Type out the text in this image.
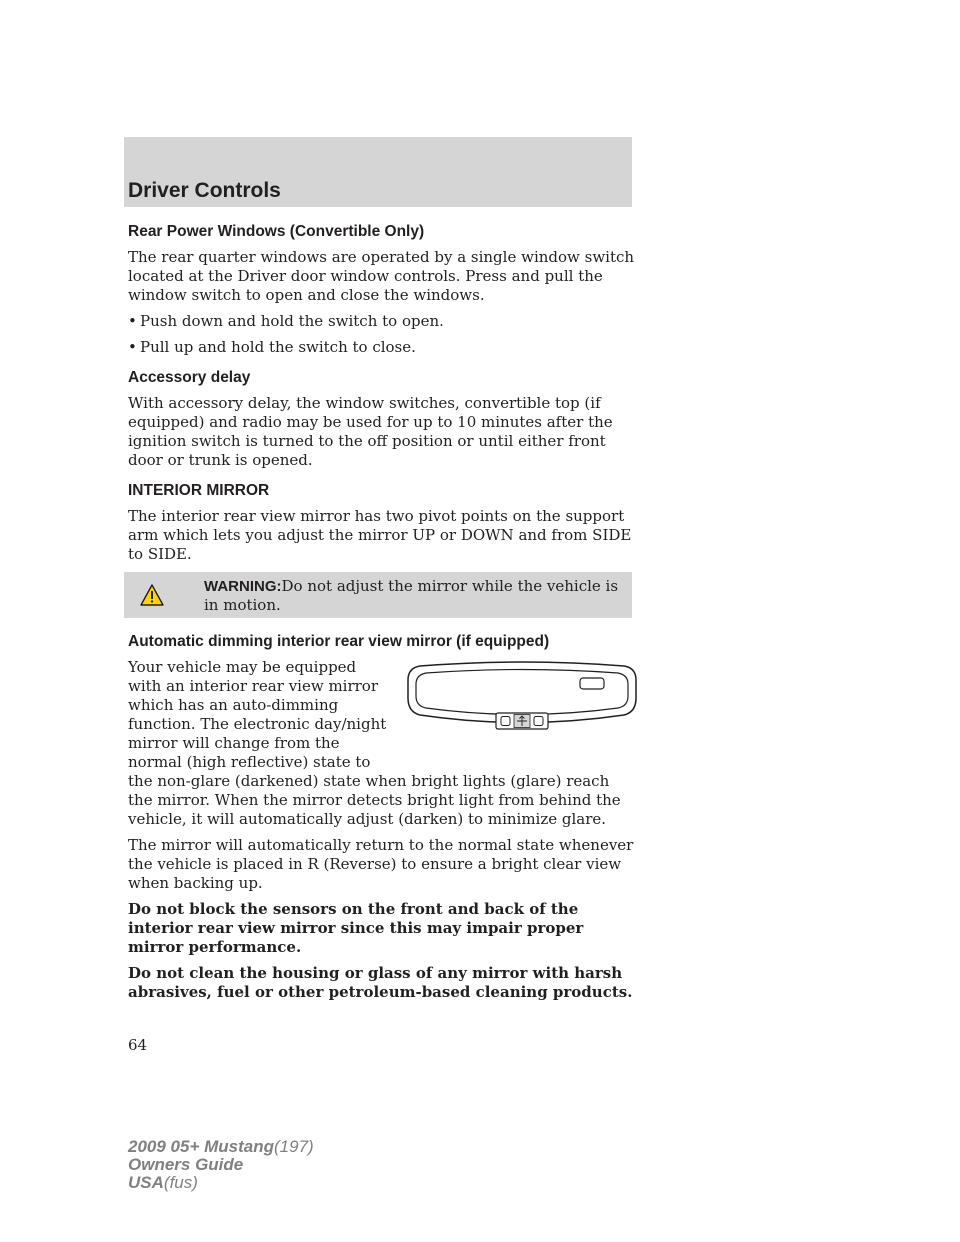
Driver Controls
Rear Power Windows (Convertible Only)

The rear quarter windows are operated by a single window switch located at the Driver door window controls. Press and pull the window switch to open and close the windows.

• Push down and hold the switch to open.
• Pull up and hold the switch to close.
Accessory delay

With accessory delay, the window switches, convertible top (if equipped) and radio may be used for up to 10 minutes after the ignition switch is turned to the off position or until either front door or trunk is opened.

INTERIOR MIRROR

The interior rear view mirror has two pivot points on the support arm which lets you adjust the mirror UP or DOWN and from SIDE to SIDE.

WARNING:Do not adjust the mirror while the vehicle is in motion.
Automatic dimming interior rear view mirror (if equipped)

Your vehicle may be equipped with an interior rear view mirror which has an auto-dimming function. The electronic day/night mirror will change from the normal (high reflective) state to the non-glare (darkened) state when bright lights (glare) reach the mirror. When the mirror detects bright light from behind the vehicle, it will automatically adjust (darken) to minimize glare.

The mirror will automatically return to the normal state whenever the vehicle is placed in R (Reverse) to ensure a bright clear view when backing up.

Do not block the sensors on the front and back of the interior rear view mirror since this may impair proper mirror performance.

Do not clean the housing or glass of any mirror with harsh abrasives, fuel or other petroleum-based cleaning products.

64
2009 05+ Mustang(197)
Owners Guide
USA(fus)
